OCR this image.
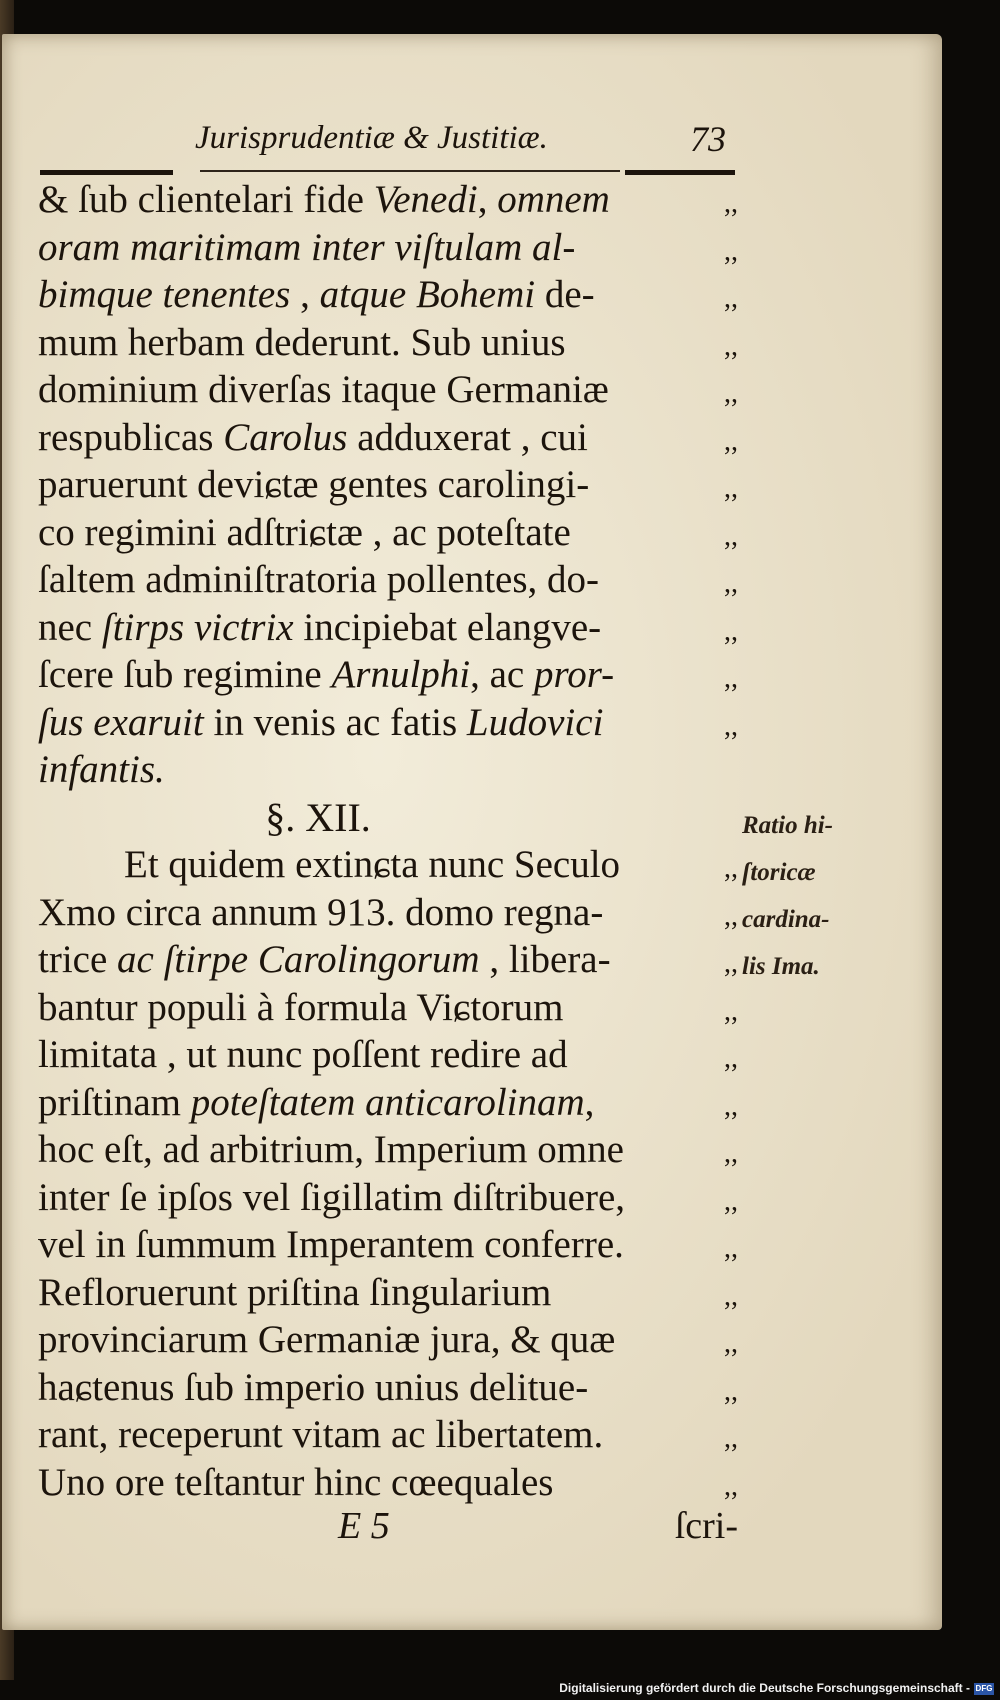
Jurisprudentiæ & Justitiæ.	73
& ſub clientelari fide Venedi, omnem	,,
oram maritimam inter viſtulam al-	,,
bimque tenentes , atque Bohemi de-	,,
mum herbam dederunt. Sub unius	,,
dominium diverſas itaque Germaniæ	,,
respublicas Carolus adduxerat , cui	,,
paruerunt deviɕtæ gentes carolingi-	,,
co regimini adſtriɕtæ , ac poteſtate	,,
ſaltem adminiſtratoria pollentes, do-	,,
nec ſtirps victrix incipiebat elangve-	,,
ſcere ſub regimine Arnulphi, ac pror-	,,
ſus exaruit in venis ac fatis Ludovici	,,
infantis.
§. XII.
Et quidem extinɕta nunc Seculo	,,
Xmo circa annum 913. domo regna-	,,
trice ac ſtirpe Carolingorum , libera-	,,
bantur populi à formula Viɕtorum	,,
limitata , ut nunc poſſent redire ad	,,
priſtinam poteſtatem anticarolinam,	,,
hoc eſt, ad arbitrium, Imperium omne	,,
inter ſe ipſos vel ſigillatim diſtribuere,	,,
vel in ſummum Imperantem conferre.	,,
Refloruerunt priſtina ſingularium	,,
provinciarum Germaniæ jura, & quæ	,,
haɕtenus ſub imperio unius delitue-	,,
rant, receperunt vitam ac libertatem.	,,
Uno ore teſtantur hinc cœequales	,,
Ratio hi-
ſtoricæ
cardina-
lis Ima.
E 5	ſcri-
Digitalisierung gefördert durch die Deutsche Forschungsgemeinschaft - DFG
